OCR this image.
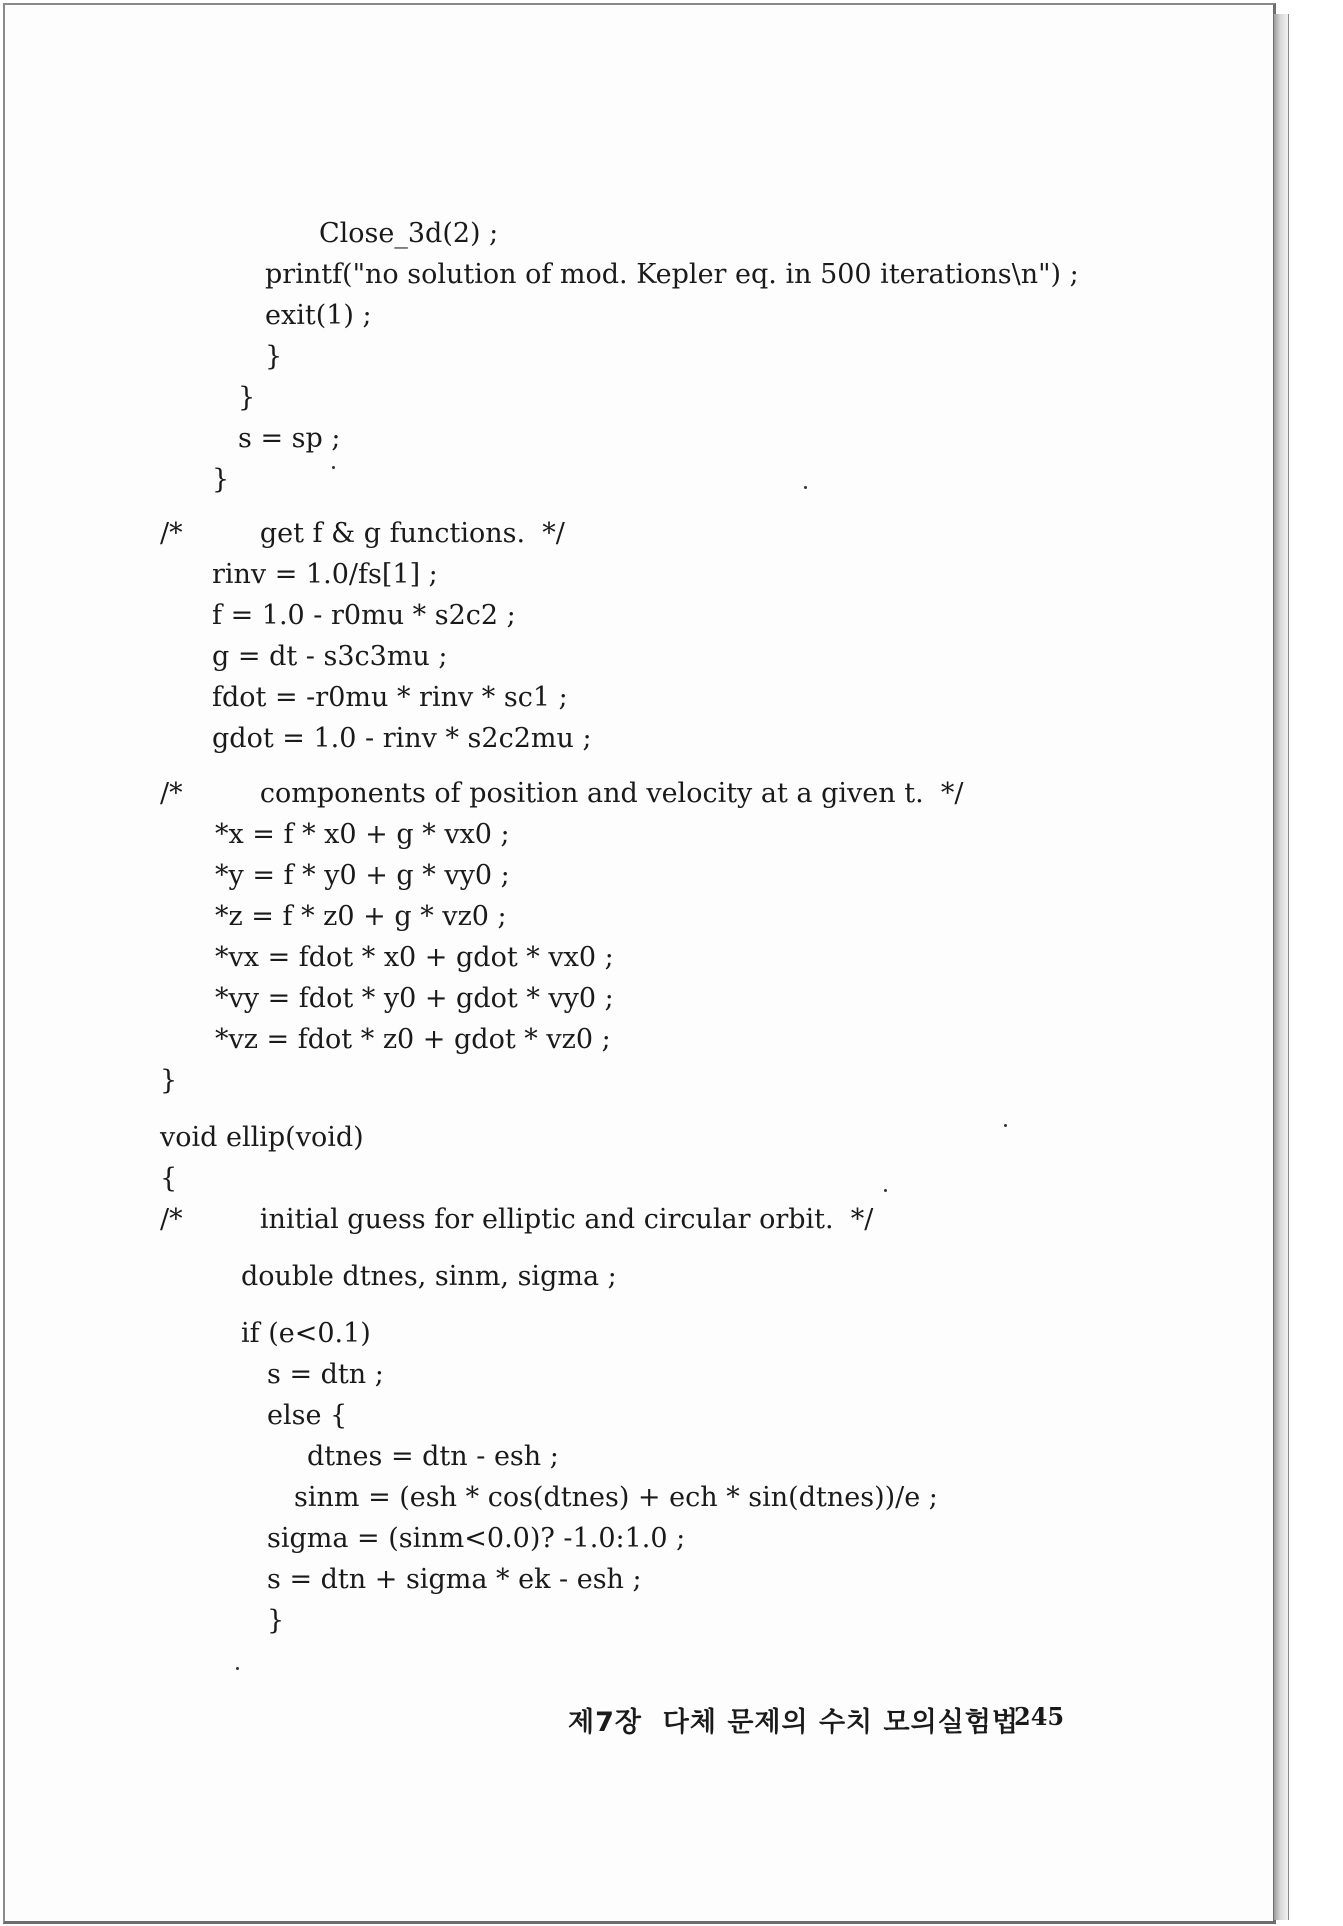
Close_3d(2) ;
printf("no solution of mod. Kepler eq. in 500 iterations\n") ;
exit(1) ;
}
}
s = sp ;
}
/*         get f & g functions.  */
rinv = 1.0/fs[1] ;
f = 1.0 - r0mu * s2c2 ;
g = dt - s3c3mu ;
fdot = -r0mu * rinv * sc1 ;
gdot = 1.0 - rinv * s2c2mu ;
/*         components of position and velocity at a given t.  */
*x = f * x0 + g * vx0 ;
*y = f * y0 + g * vy0 ;
*z = f * z0 + g * vz0 ;
*vx = fdot * x0 + gdot * vx0 ;
*vy = fdot * y0 + gdot * vy0 ;
*vz = fdot * z0 + gdot * vz0 ;
}
void ellip(void)
{
/*         initial guess for elliptic and circular orbit.  */
double dtnes, sinm, sigma ;
if (e<0.1)
s = dtn ;
else {
dtnes = dtn - esh ;
sinm = (esh * cos(dtnes) + ech * sin(dtnes))/e ;
sigma = (sinm<0.0)? -1.0:1.0 ;
s = dtn + sigma * ek - esh ;
}
제7장  다체 문제의 수치 모의실험법
245
